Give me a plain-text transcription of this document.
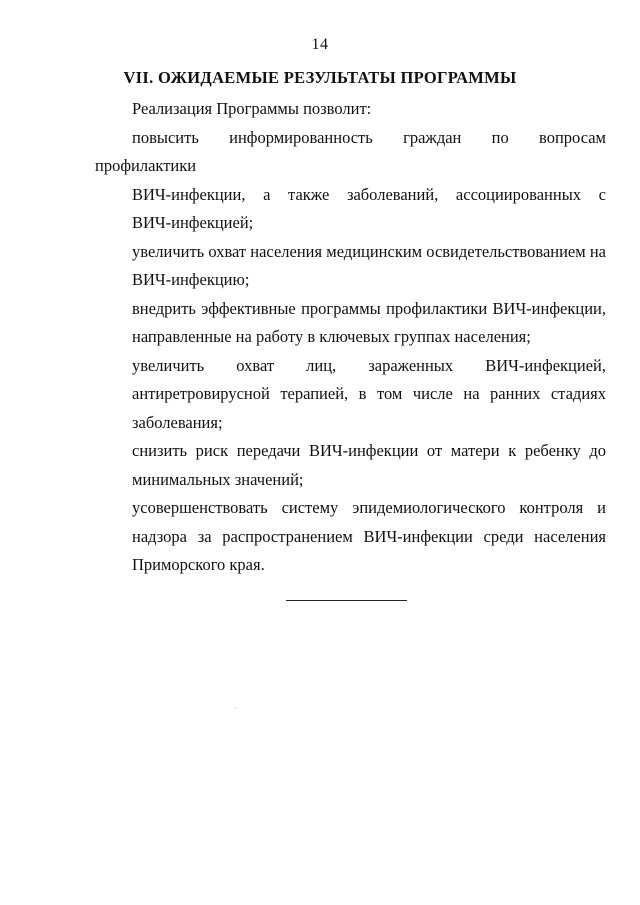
14
VII. ОЖИДАЕМЫЕ РЕЗУЛЬТАТЫ ПРОГРАММЫ

Реализация Программы позволит:

повысить информированность граждан по вопросам профилактики
ВИЧ-инфекции, а также заболеваний, ассоциированных с
ВИЧ-инфекцией;

увеличить охват населения медицинским освидетельствованием на
ВИЧ-инфекцию;

внедрить эффективные программы профилактики ВИЧ-инфекции,
направленные на работу в ключевых группах населения;

увеличить охват лиц, зараженных ВИЧ-инфекцией,
антиретровирусной терапией, в том числе на ранних стадиях
заболевания;

снизить риск передачи ВИЧ-инфекции от матери к ребенку до
минимальных значений;

усовершенствовать систему эпидемиологического контроля и
надзора за распространением ВИЧ-инфекции среди населения
Приморского края.
